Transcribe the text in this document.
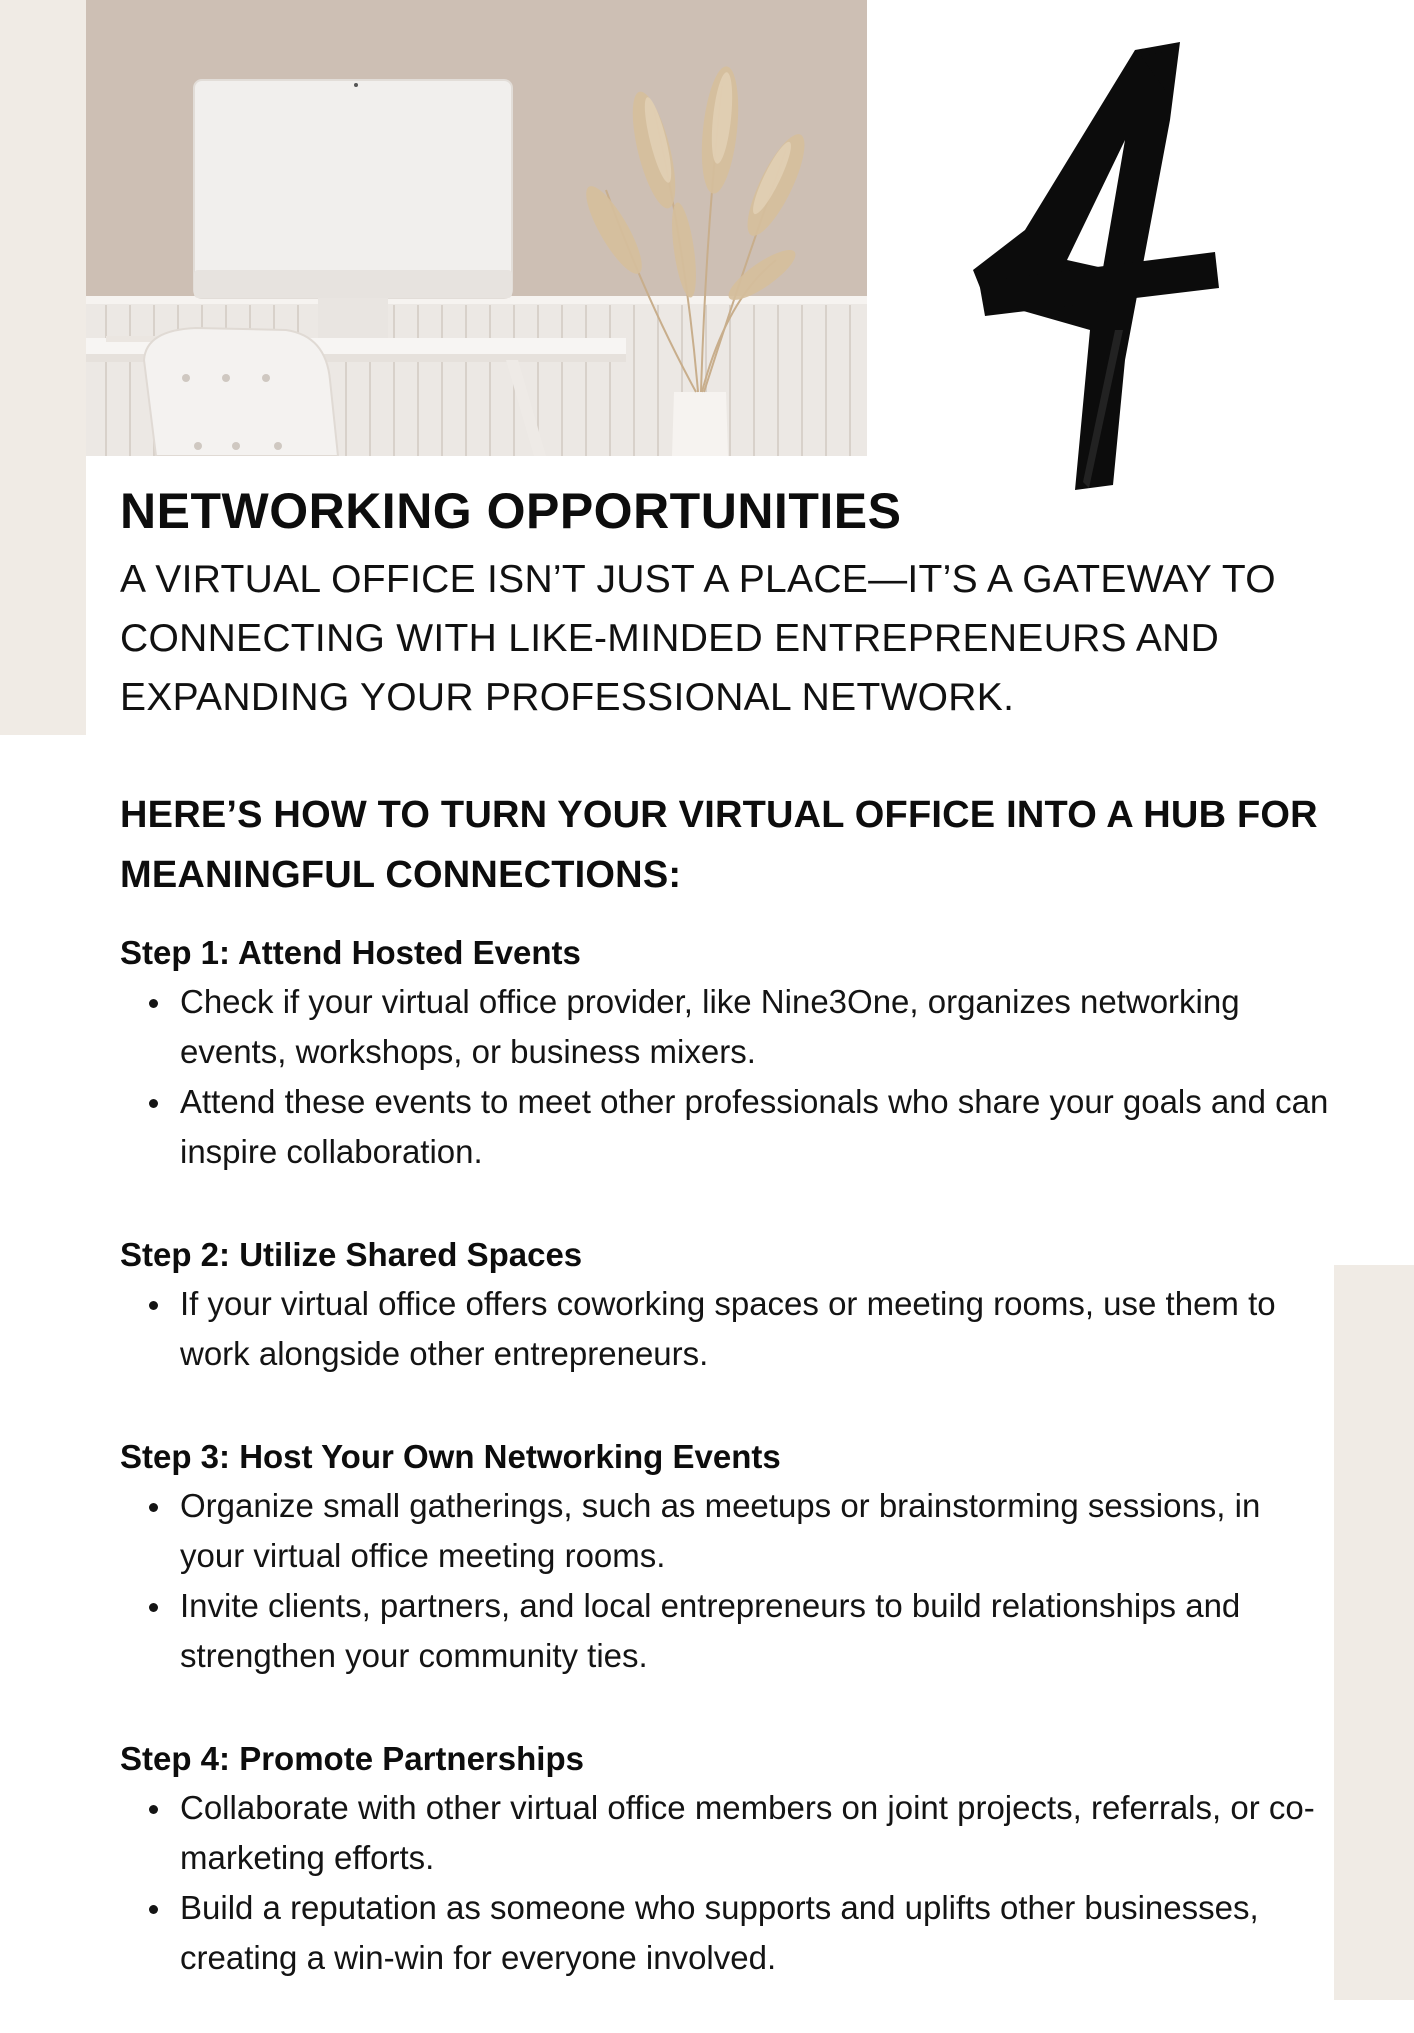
NETWORKING OPPORTUNITIES

A VIRTUAL OFFICE ISN’T JUST A PLACE—IT’S A GATEWAY TO CONNECTING WITH LIKE-MINDED ENTREPRENEURS AND EXPANDING YOUR PROFESSIONAL NETWORK.

HERE’S HOW TO TURN YOUR VIRTUAL OFFICE INTO A HUB FOR MEANINGFUL CONNECTIONS:
Step 1: Attend Hosted Events
Check if your virtual office provider, like Nine3One, organizes networking events, workshops, or business mixers.
Attend these events to meet other professionals who share your goals and can inspire collaboration.
Step 2: Utilize Shared Spaces
If your virtual office offers coworking spaces or meeting rooms, use them to work alongside other entrepreneurs.
Step 3: Host Your Own Networking Events
Organize small gatherings, such as meetups or brainstorming sessions, in your virtual office meeting rooms.
Invite clients, partners, and local entrepreneurs to build relationships and strengthen your community ties.
Step 4: Promote Partnerships
Collaborate with other virtual office members on joint projects, referrals, or co-marketing efforts.
Build a reputation as someone who supports and uplifts other businesses, creating a win-win for everyone involved.
